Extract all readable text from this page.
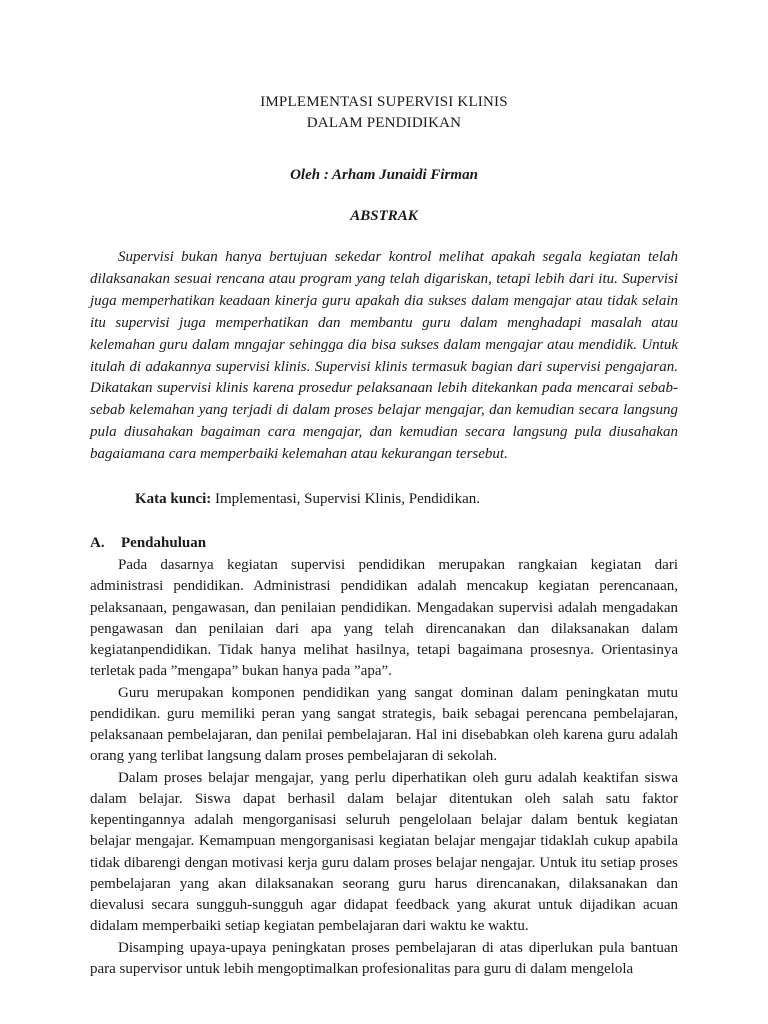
IMPLEMENTASI SUPERVISI KLINIS
DALAM PENDIDIKAN

Oleh : Arham Junaidi Firman

ABSTRAK

Supervisi bukan hanya bertujuan sekedar kontrol melihat apakah segala kegiatan telah dilaksanakan sesuai rencana atau program yang telah digariskan, tetapi lebih dari itu. Supervisi juga memperhatikan keadaan kinerja guru apakah dia sukses dalam mengajar atau tidak selain itu supervisi juga memperhatikan dan membantu guru dalam menghadapi masalah atau kelemahan guru dalam mngajar sehingga dia bisa sukses dalam mengajar atau mendidik. Untuk itulah di adakannya supervisi klinis. Supervisi klinis termasuk bagian dari supervisi pengajaran. Dikatakan supervisi klinis karena prosedur pelaksanaan lebih ditekankan pada mencarai sebab-sebab kelemahan yang terjadi di dalam proses belajar mengajar, dan kemudian secara langsung pula diusahakan bagaiman cara mengajar, dan kemudian secara langsung pula diusahakan bagaiamana cara memperbaiki kelemahan atau kekurangan tersebut.

Kata kunci: Implementasi, Supervisi Klinis, Pendidikan.

A.	Pendahuluan

Pada dasarnya kegiatan supervisi pendidikan merupakan rangkaian kegiatan dari administrasi pendidikan. Administrasi pendidikan adalah mencakup kegiatan perencanaan, pelaksanaan, pengawasan, dan penilaian pendidikan. Mengadakan supervisi adalah mengadakan pengawasan dan penilaian dari apa yang telah direncanakan dan dilaksanakan dalam kegiatanpendidikan. Tidak hanya melihat hasilnya, tetapi bagaimana prosesnya. Orientasinya terletak pada ”mengapa” bukan hanya pada ”apa”.

Guru merupakan komponen pendidikan yang sangat dominan dalam peningkatan mutu pendidikan. guru memiliki peran yang sangat strategis, baik sebagai perencana pembelajaran, pelaksanaan pembelajaran, dan penilai pembelajaran. Hal ini disebabkan oleh karena guru adalah orang yang terlibat langsung dalam proses pembelajaran di sekolah.

Dalam proses belajar mengajar, yang perlu diperhatikan oleh guru adalah keaktifan siswa dalam belajar. Siswa dapat berhasil dalam belajar ditentukan oleh salah satu faktor kepentingannya adalah mengorganisasi seluruh pengelolaan belajar dalam bentuk kegiatan belajar mengajar. Kemampuan mengorganisasi kegiatan belajar mengajar tidaklah cukup apabila tidak dibarengi dengan motivasi kerja guru dalam proses belajar nengajar. Untuk itu setiap proses pembelajaran yang akan dilaksanakan seorang guru harus direncanakan, dilaksanakan dan dievalusi secara sungguh-sungguh agar didapat feedback yang akurat untuk dijadikan acuan didalam memperbaiki setiap kegiatan pembelajaran dari waktu ke waktu.

Disamping upaya-upaya peningkatan proses pembelajaran di atas diperlukan pula bantuan para supervisor untuk lebih mengoptimalkan profesionalitas para guru di dalam mengelola
